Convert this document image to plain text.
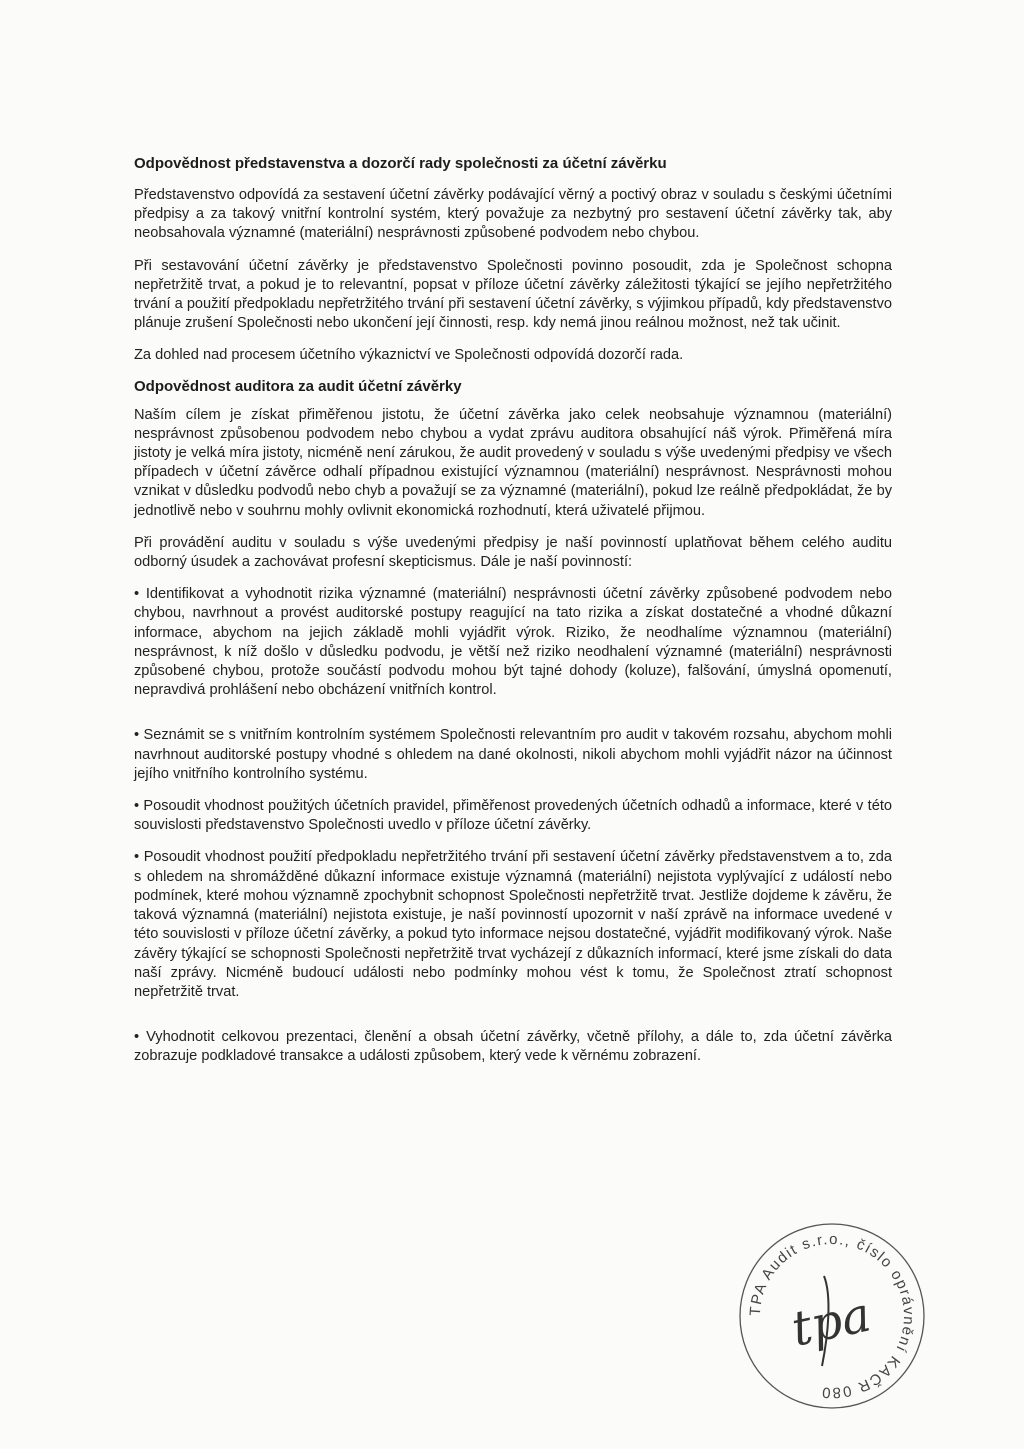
Odpovědnost představenstva a dozorčí rady společnosti za účetní závěrku

Představenstvo odpovídá za sestavení účetní závěrky podávající věrný a poctivý obraz v souladu s českými účetními předpisy a za takový vnitřní kontrolní systém, který považuje za nezbytný pro sestavení účetní závěrky tak, aby neobsahovala významné (materiální) nesprávnosti způsobené podvodem nebo chybou.

Při sestavování účetní závěrky je představenstvo Společnosti povinno posoudit, zda je Společnost schopna nepřetržitě trvat, a pokud je to relevantní, popsat v příloze účetní závěrky záležitosti týkající se jejího nepřetržitého trvání a použití předpokladu nepřetržitého trvání při sestavení účetní závěrky, s výjimkou případů, kdy představenstvo plánuje zrušení Společnosti nebo ukončení její činnosti, resp. kdy nemá jinou reálnou možnost, než tak učinit.

Za dohled nad procesem účetního výkaznictví ve Společnosti odpovídá dozorčí rada.

Odpovědnost auditora za audit účetní závěrky

Naším cílem je získat přiměřenou jistotu, že účetní závěrka jako celek neobsahuje významnou (materiální) nesprávnost způsobenou podvodem nebo chybou a vydat zprávu auditora obsahující náš výrok. Přiměřená míra jistoty je velká míra jistoty, nicméně není zárukou, že audit provedený v souladu s výše uvedenými předpisy ve všech případech v účetní závěrce odhalí případnou existující významnou (materiální) nesprávnost. Nesprávnosti mohou vznikat v důsledku podvodů nebo chyb a považují se za významné (materiální), pokud lze reálně předpokládat, že by jednotlivě nebo v souhrnu mohly ovlivnit ekonomická rozhodnutí, která uživatelé přijmou.

Při provádění auditu v souladu s výše uvedenými předpisy je naší povinností uplatňovat během celého auditu odborný úsudek a zachovávat profesní skepticismus. Dále je naší povinností:

• Identifikovat a vyhodnotit rizika významné (materiální) nesprávnosti účetní závěrky způsobené podvodem nebo chybou, navrhnout a provést auditorské postupy reagující na tato rizika a získat dostatečné a vhodné důkazní informace, abychom na jejich základě mohli vyjádřit výrok. Riziko, že neodhalíme významnou (materiální) nesprávnost, k níž došlo v důsledku podvodu, je větší než riziko neodhalení významné (materiální) nesprávnosti způsobené chybou, protože součástí podvodu mohou být tajné dohody (koluze), falšování, úmyslná opomenutí, nepravdivá prohlášení nebo obcházení vnitřních kontrol.

• Seznámit se s vnitřním kontrolním systémem Společnosti relevantním pro audit v takovém rozsahu, abychom mohli navrhnout auditorské postupy vhodné s ohledem na dané okolnosti, nikoli abychom mohli vyjádřit názor na účinnost jejího vnitřního kontrolního systému.

• Posoudit vhodnost použitých účetních pravidel, přiměřenost provedených účetních odhadů a informace, které v této souvislosti představenstvo Společnosti uvedlo v příloze účetní závěrky.

• Posoudit vhodnost použití předpokladu nepřetržitého trvání při sestavení účetní závěrky představenstvem a to, zda s ohledem na shromážděné důkazní informace existuje významná (materiální) nejistota vyplývající z událostí nebo podmínek, které mohou významně zpochybnit schopnost Společnosti nepřetržitě trvat. Jestliže dojdeme k závěru, že taková významná (materiální) nejistota existuje, je naší povinností upozornit v naší zprávě na informace uvedené v této souvislosti v příloze účetní závěrky, a pokud tyto informace nejsou dostatečné, vyjádřit modifikovaný výrok. Naše závěry týkající se schopnosti Společnosti nepřetržitě trvat vycházejí z důkazních informací, které jsme získali do data naší zprávy. Nicméně budoucí události nebo podmínky mohou vést k tomu, že Společnost ztratí schopnost nepřetržitě trvat.

• Vyhodnotit celkovou prezentaci, členění a obsah účetní závěrky, včetně přílohy, a dále to, zda účetní závěrka zobrazuje podkladové transakce a události způsobem, který vede k věrnému zobrazení.

TPA Audit s.r.o., číslo oprávnění KAČR 080
tpa
